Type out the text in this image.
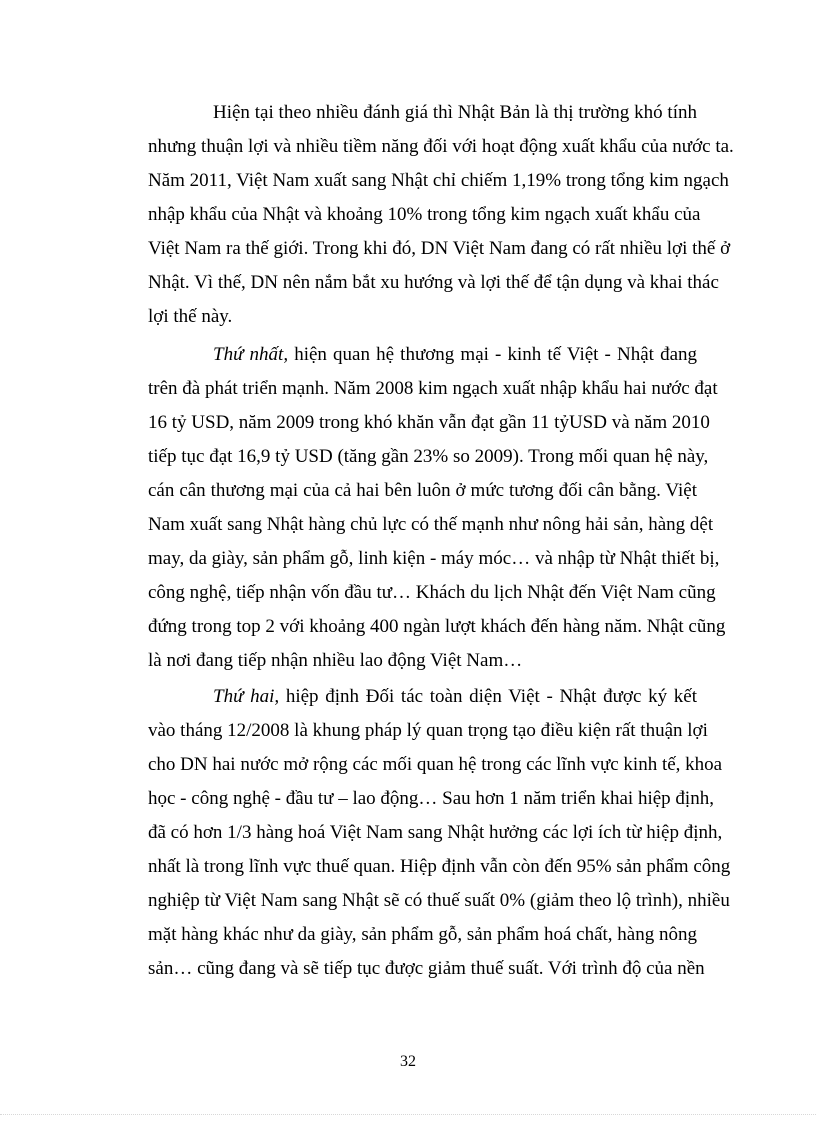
Hiện tại theo nhiều đánh giá thì Nhật Bản là thị trường khó tính
nhưng thuận lợi và nhiều tiềm năng đối với hoạt động xuất khẩu của nước ta.
Năm 2011, Việt Nam xuất sang Nhật chỉ chiếm 1,19% trong tổng kim ngạch
nhập khẩu của Nhật và khoảng 10% trong tổng kim ngạch xuất khẩu của
Việt Nam ra thế giới. Trong khi đó, DN Việt Nam đang có rất nhiều lợi thế ở
Nhật. Vì thế, DN nên nắm bắt xu hướng và lợi thế để tận dụng và khai thác
lợi thế này.
Thứ nhất, hiện quan hệ thương mại - kinh tế Việt - Nhật đang
trên đà phát triển mạnh. Năm 2008 kim ngạch xuất nhập khẩu hai nước đạt
16 tỷ USD, năm 2009 trong khó khăn vẫn đạt gần 11 tỷUSD và năm 2010
tiếp tục đạt 16,9 tỷ USD (tăng gần 23% so 2009). Trong mối quan hệ này,
cán cân thương mại của cả hai bên luôn ở mức tương đối cân bằng. Việt
Nam xuất sang Nhật hàng chủ lực có thế mạnh như nông hải sản, hàng dệt
may, da giày, sản phẩm gỗ, linh kiện - máy móc… và nhập từ Nhật thiết bị,
công nghệ, tiếp nhận vốn đầu tư… Khách du lịch Nhật đến Việt Nam cũng
đứng trong top 2 với khoảng 400 ngàn lượt khách đến hàng năm. Nhật cũng
là nơi đang tiếp nhận nhiều lao động Việt Nam…
Thứ hai, hiệp định Đối tác toàn diện Việt - Nhật được ký kết
vào tháng 12/2008 là khung pháp lý quan trọng tạo điều kiện rất thuận lợi
cho DN hai nước mở rộng các mối quan hệ trong các lĩnh vực kinh tế, khoa
học - công nghệ - đầu tư – lao động… Sau hơn 1 năm triển khai hiệp định,
đã có hơn 1/3 hàng hoá Việt Nam sang Nhật hưởng các lợi ích từ hiệp định,
nhất là trong lĩnh vực thuế quan. Hiệp định vẫn còn đến 95% sản phẩm công
nghiệp từ Việt Nam sang Nhật sẽ có thuế suất 0% (giảm theo lộ trình), nhiều
mặt hàng khác như da giày, sản phẩm gỗ, sản phẩm hoá chất, hàng nông
sản… cũng đang và sẽ tiếp tục được giảm thuế suất. Với trình độ của nền
32
